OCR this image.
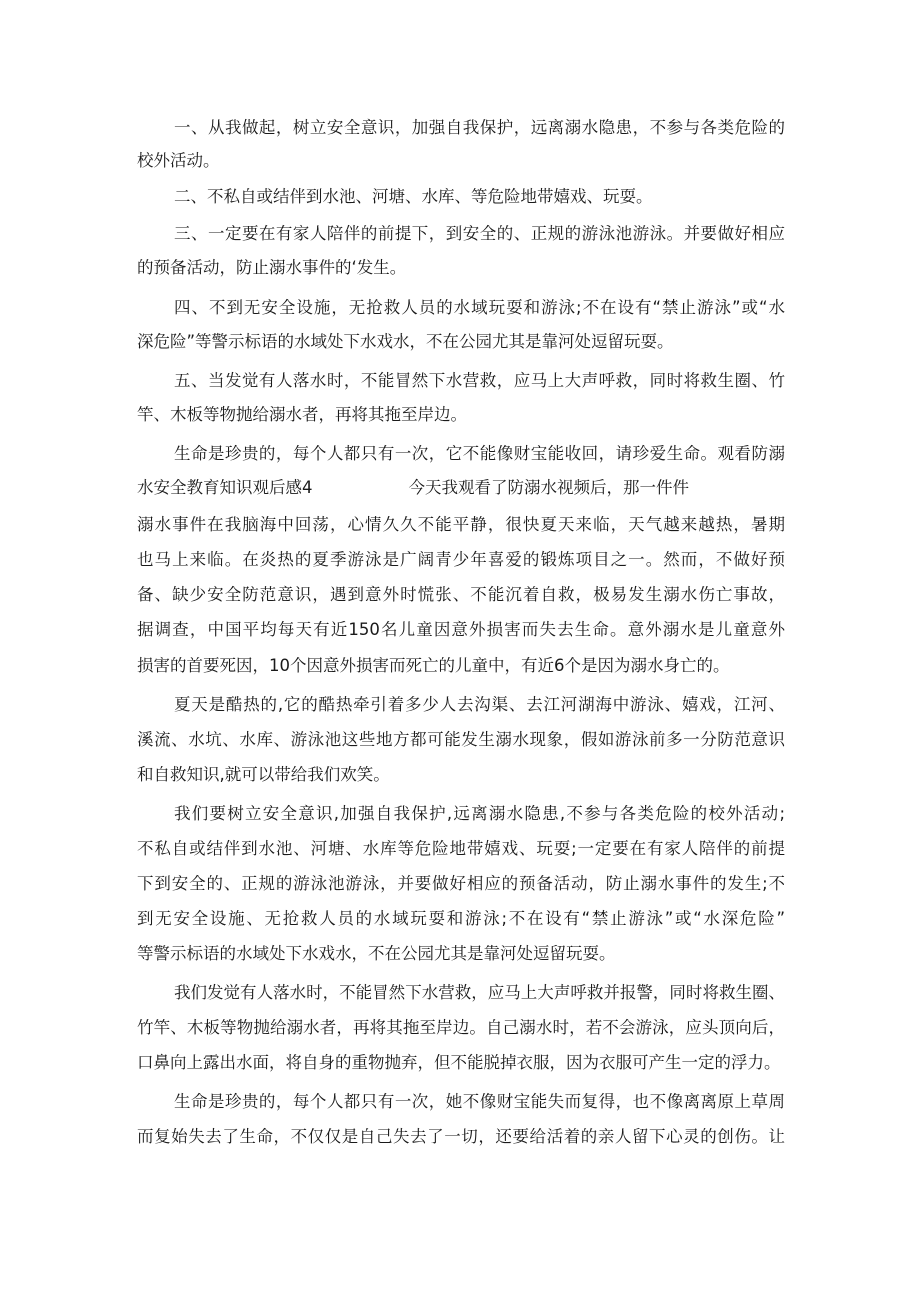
一、从我做起，树立安全意识，加强自我保护，远离溺水隐患，不参与各类危险的
校外活动。
二、不私自或结伴到水池、河塘、水库、等危险地带嬉戏、玩耍。
三、一定要在有家人陪伴的前提下，到安全的、正规的游泳池游泳。并要做好相应
的预备活动，防止溺水事件的‘发生。
四、不到无安全设施，无抢救人员的水域玩耍和游泳;不在设有“禁止游泳”或“水
深危险”等警示标语的水域处下水戏水，不在公园尤其是靠河处逗留玩耍。
五、当发觉有人落水时，不能冒然下水营救，应马上大声呼救，同时将救生圈、竹
竿、木板等物抛给溺水者，再将其拖至岸边。
生命是珍贵的，每个人都只有一次，它不能像财宝能收回，请珍爱生命。观看防溺
水安全教育知识观后感4	今天我观看了防溺水视频后，那一件件
溺水事件在我脑海中回荡，心情久久不能平静，很快夏天来临，天气越来越热，暑期
也马上来临。在炎热的夏季游泳是广阔青少年喜爱的锻炼项目之一。然而，不做好预
备、缺少安全防范意识，遇到意外时慌张、不能沉着自救，极易发生溺水伤亡事故，
据调查，中国平均每天有近150名儿童因意外损害而失去生命。意外溺水是儿童意外
损害的首要死因，10个因意外损害而死亡的儿童中，有近6个是因为溺水身亡的。
夏天是酷热的,它的酷热牵引着多少人去沟渠、去江河湖海中游泳、嬉戏，江河、
溪流、水坑、水库、游泳池这些地方都可能发生溺水现象，假如游泳前多一分防范意识
和自救知识,就可以带给我们欢笑。
我们要树立安全意识,加强自我保护,远离溺水隐患,不参与各类危险的校外活动;
不私自或结伴到水池、河塘、水库等危险地带嬉戏、玩耍;一定要在有家人陪伴的前提
下到安全的、正规的游泳池游泳，并要做好相应的预备活动，防止溺水事件的发生;不
到无安全设施、无抢救人员的水域玩耍和游泳;不在设有“禁止游泳”或“水深危险”
等警示标语的水域处下水戏水，不在公园尤其是靠河处逗留玩耍。
我们发觉有人落水时，不能冒然下水营救，应马上大声呼救并报警，同时将救生圈、
竹竿、木板等物抛给溺水者，再将其拖至岸边。自己溺水时，若不会游泳，应头顶向后，
口鼻向上露出水面，将自身的重物抛弃，但不能脱掉衣服，因为衣服可产生一定的浮力。
生命是珍贵的，每个人都只有一次，她不像财宝能失而复得，也不像离离原上草周
而复始失去了生命，不仅仅是自己失去了一切，还要给活着的亲人留下心灵的创伤。让
